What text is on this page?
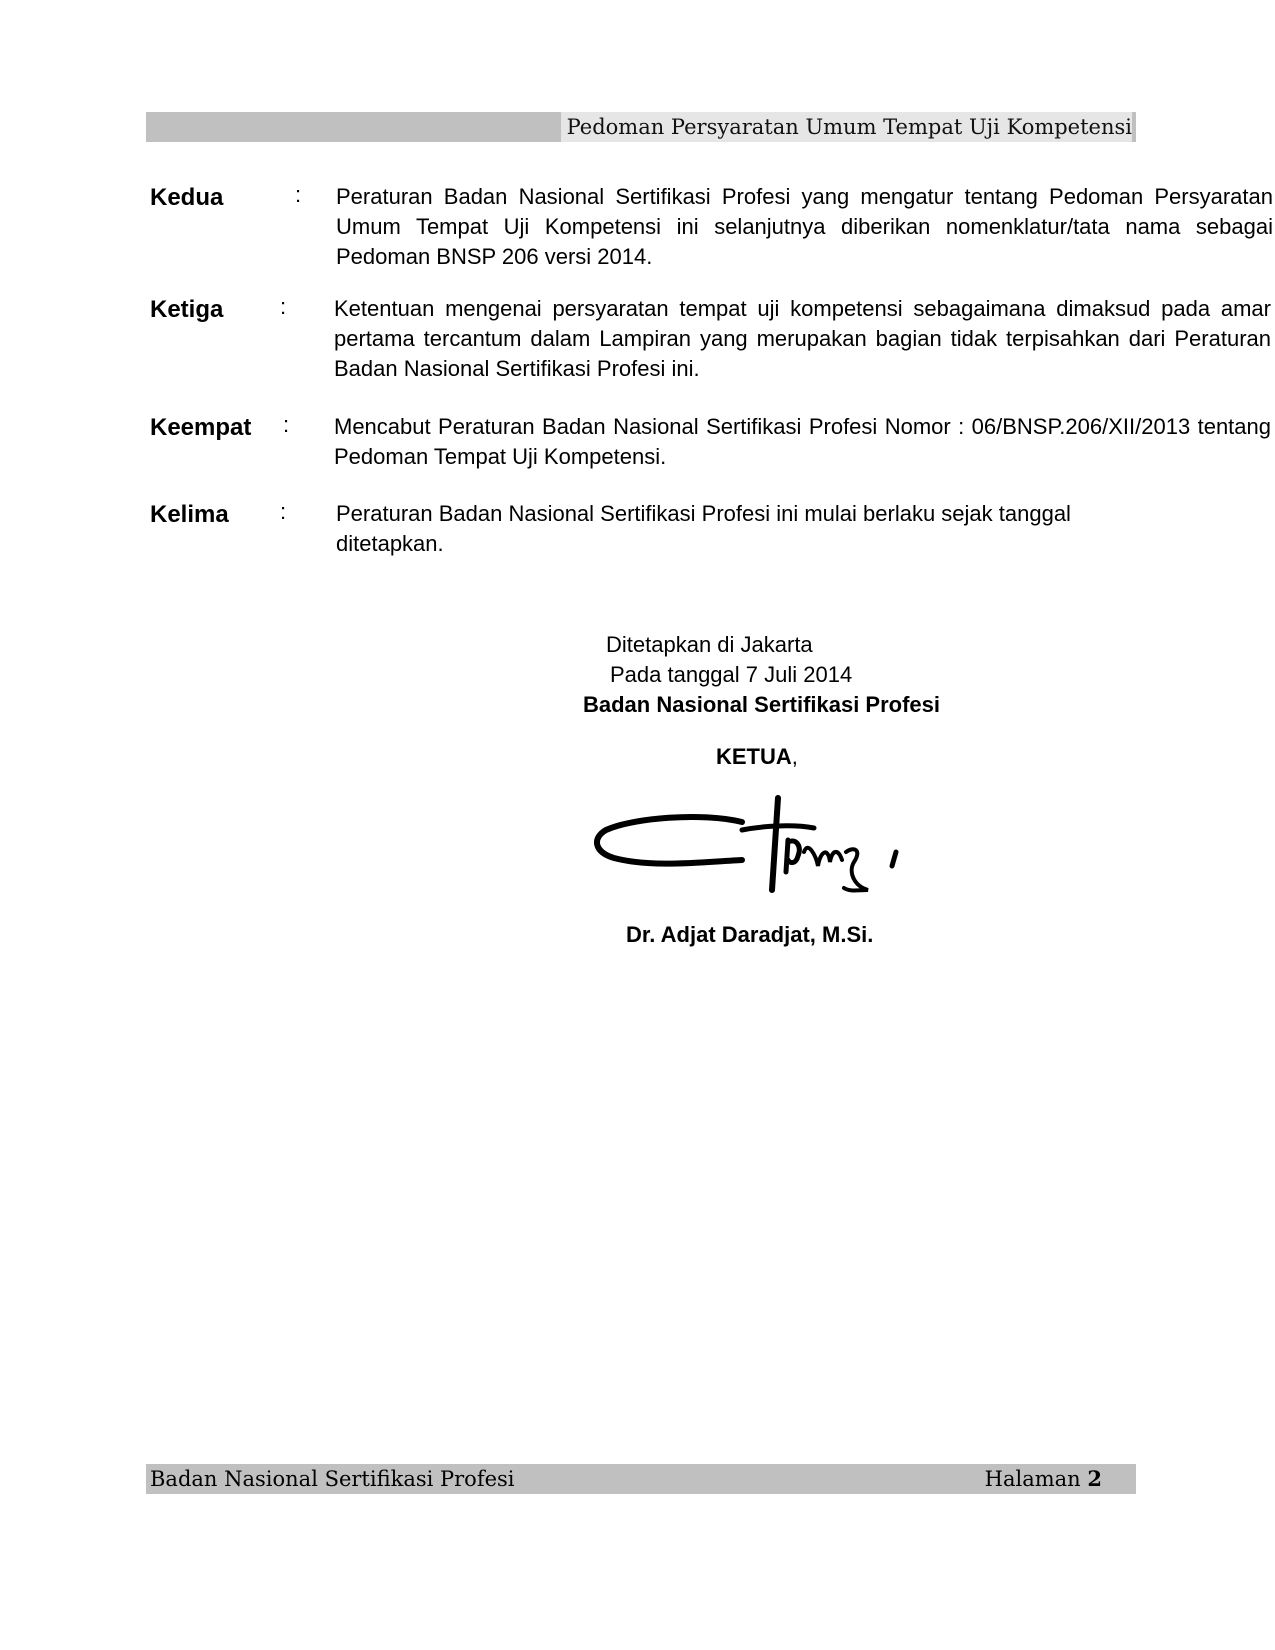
Pedoman Persyaratan Umum Tempat Uji Kompetensi
Kedua	: Peraturan Badan Nasional Sertifikasi Profesi yang mengatur tentang Pedoman Persyaratan Umum Tempat Uji Kompetensi ini selanjutnya diberikan nomenklatur/tata nama sebagai Pedoman BNSP 206 versi 2014.
Ketiga	: Ketentuan mengenai persyaratan tempat uji kompetensi sebagaimana dimaksud pada amar pertama tercantum dalam Lampiran yang merupakan bagian tidak terpisahkan dari Peraturan Badan Nasional Sertifikasi Profesi ini.
Keempat : Mencabut Peraturan Badan Nasional Sertifikasi Profesi Nomor : 06/BNSP.206/XII/2013 tentang Pedoman Tempat Uji Kompetensi.
Kelima : Peraturan Badan Nasional Sertifikasi Profesi ini mulai berlaku sejak tanggal ditetapkan.
Ditetapkan di Jakarta
Pada tanggal 7 Juli 2014
Badan Nasional Sertifikasi Profesi
KETUA,
Dr. Adjat Daradjat, M.Si.
Badan Nasional Sertifikasi Profesi	Halaman 2
